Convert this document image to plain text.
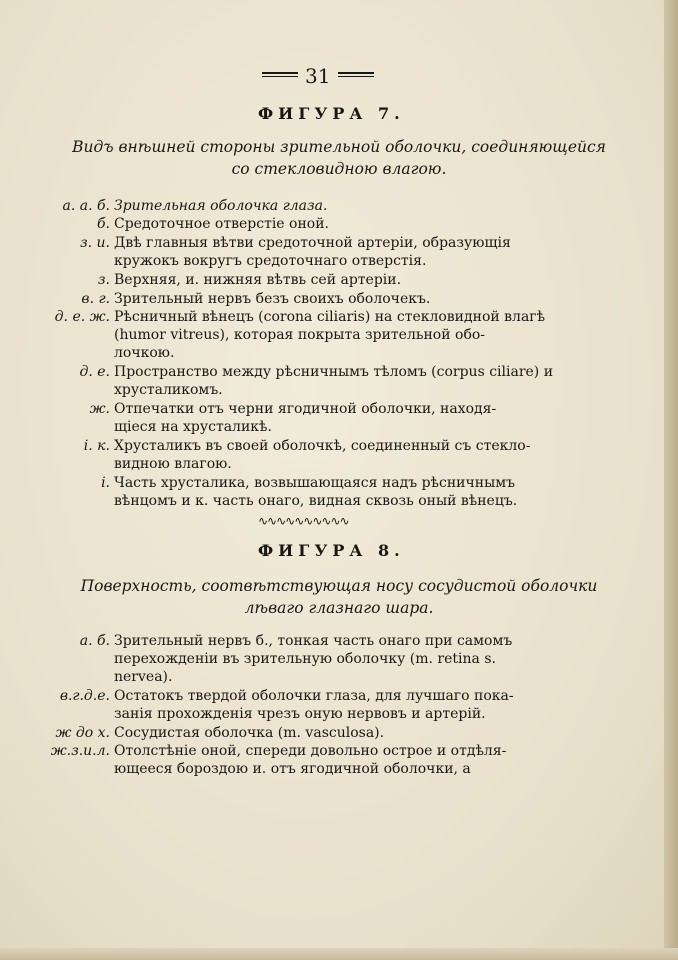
31
ФИГУРА 7.
Видъ внѣшней стороны зрительной оболочки, соединяющейся
со стекловидною влагою.
a. a. б. Зрительная оболочка глаза.
б. Средоточное отверстіе оной.
з. и. Двѣ главныя вѣтви средоточной артеріи, образующія
кружокъ вокругъ средоточнаго отверстія.
з. Верхняя, и. нижняя вѣтвь сей артеріи.
в. г. Зрительный нервъ безъ своихъ оболочекъ.
д. е. ж. Рѣсничный вѣнецъ (corona ciliaris) на стекловидной влагѣ
(humor vitreus), которая покрыта зрительной обо-
лочкою.
д. е. Пространство между рѣсничнымъ тѣломъ (corpus ciliare) и
хрусталикомъ.
ж. Отпечатки отъ черни ягодичной оболочки, находя-
щіеся на хрусталикѣ.
і. к. Хрусталикъ въ своей оболочкѣ, соединенный съ стекло-
видною влагою.
і. Часть хрусталика, возвышающаяся надъ рѣсничнымъ
вѣнцомъ и к. часть онаго, видная сквозь оный вѣнецъ.
∿∿∿∿∿∿∿∿∿∿
ФИГУРА 8.
Поверхность, соотвѣтствующая носу сосудистой оболочки
лѣваго глазнаго шара.
а. б. Зрительный нервъ б., тонкая часть онаго при самомъ
перехожденіи въ зрительную оболочку (m. retina s.
nervea).
в.г.д.е. Остатокъ твердой оболочки глаза, для лучшаго пока-
занія прохожденія чрезъ оную нервовъ и артерій.
ж до х. Сосудистая оболочка (m. vasculosa).
ж.з.и.л. Отолстѣніе оной, спереди довольно острое и отдѣля-
ющееся бороздою и. отъ ягодичной оболочки, а
